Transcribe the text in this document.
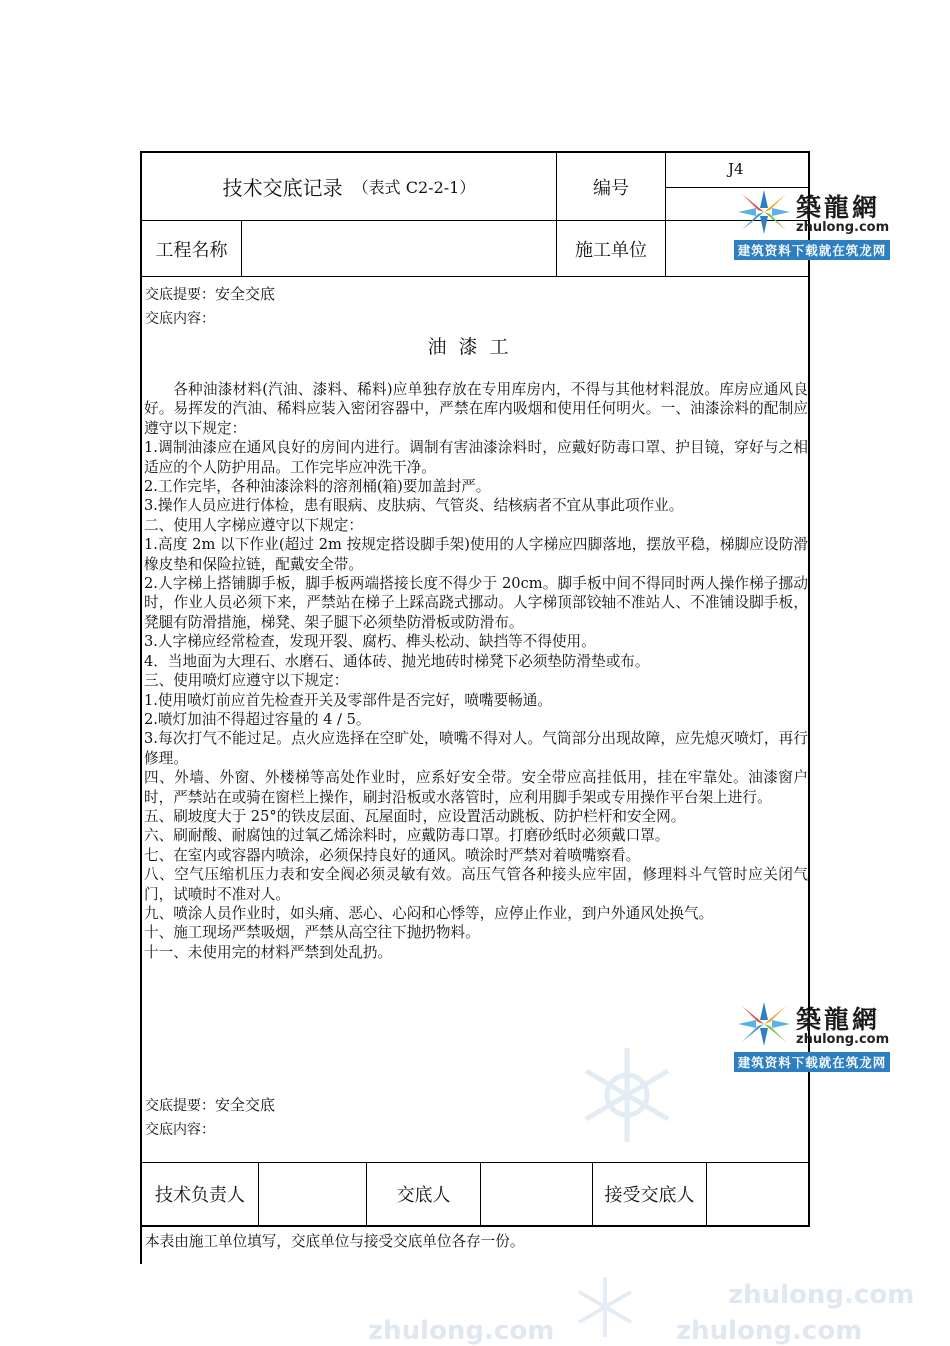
zhulong.com
zhulong.com	zhulong.com
技术交底记录 （表式 C2-2-1）	编号
J4
工程名称	施工单位
築龍網
zhulong.com
建筑资料下载就在筑龙网
交底提要：安全交底
交底内容：
油漆工

各种油漆材料(汽油、漆料、稀料)应单独存放在专用库房内，不得与其他材料混放。库房应通风良好。易挥发的汽油、稀料应装入密闭容器中，严禁在库内吸烟和使用任何明火。一、油漆涂料的配制应遵守以下规定：

1.调制油漆应在通风良好的房间内进行。调制有害油漆涂料时，应戴好防毒口罩、护目镜，穿好与之相适应的个人防护用品。工作完毕应冲洗干净。

2.工作完毕，各种油漆涂料的溶剂桶(箱)要加盖封严。

3.操作人员应进行体检，患有眼病、皮肤病、气管炎、结核病者不宜从事此项作业。

二、使用人字梯应遵守以下规定：

1.高度 2m 以下作业(超过 2m 按规定搭设脚手架)使用的人字梯应四脚落地，摆放平稳，梯脚应设防滑橡皮垫和保险拉链，配戴安全带。

2.人字梯上搭铺脚手板，脚手板两端搭接长度不得少于 20cm。脚手板中间不得同时两人操作梯子挪动时，作业人员必须下来，严禁站在梯子上踩高跷式挪动。人字梯顶部铰轴不准站人、不准铺设脚手板，凳腿有防滑措施，梯凳、架子腿下必须垫防滑板或防滑布。

3.人字梯应经常检查，发现开裂、腐朽、榫头松动、缺挡等不得使用。

4．当地面为大理石、水磨石、通体砖、抛光地砖时梯凳下必须垫防滑垫或布。

三、使用喷灯应遵守以下规定：

1.使用喷灯前应首先检查开关及零部件是否完好，喷嘴要畅通。

2.喷灯加油不得超过容量的 4 / 5。

3.每次打气不能过足。点火应选择在空旷处，喷嘴不得对人。气筒部分出现故障，应先熄灭喷灯，再行修理。

四、外墙、外窗、外楼梯等高处作业时，应系好安全带。安全带应高挂低用，挂在牢靠处。油漆窗户时，严禁站在或骑在窗栏上操作，刷封沿板或水落管时，应利用脚手架或专用操作平台架上进行。

五、刷坡度大于 25°的铁皮层面、瓦屋面时，应设置活动跳板、防护栏杆和安全网。

六、刷耐酸、耐腐蚀的过氧乙烯涂料时，应戴防毒口罩。打磨砂纸时必须戴口罩。

七、在室内或容器内喷涂，必须保持良好的通风。喷涂时严禁对着喷嘴察看。

八、空气压缩机压力表和安全阀必须灵敏有效。高压气管各种接头应牢固，修理料斗气管时应关闭气门，试喷时不准对人。

九、喷涂人员作业时，如头痛、恶心、心闷和心悸等，应停止作业，到户外通风处换气。

十、施工现场严禁吸烟，严禁从高空往下抛扔物料。

十一、未使用完的材料严禁到处乱扔。

築龍網
zhulong.com
建筑资料下载就在筑龙网
交底提要：安全交底
交底内容：
技术负责人	交底人	接受交底人
本表由施工单位填写，交底单位与接受交底单位各存一份。
